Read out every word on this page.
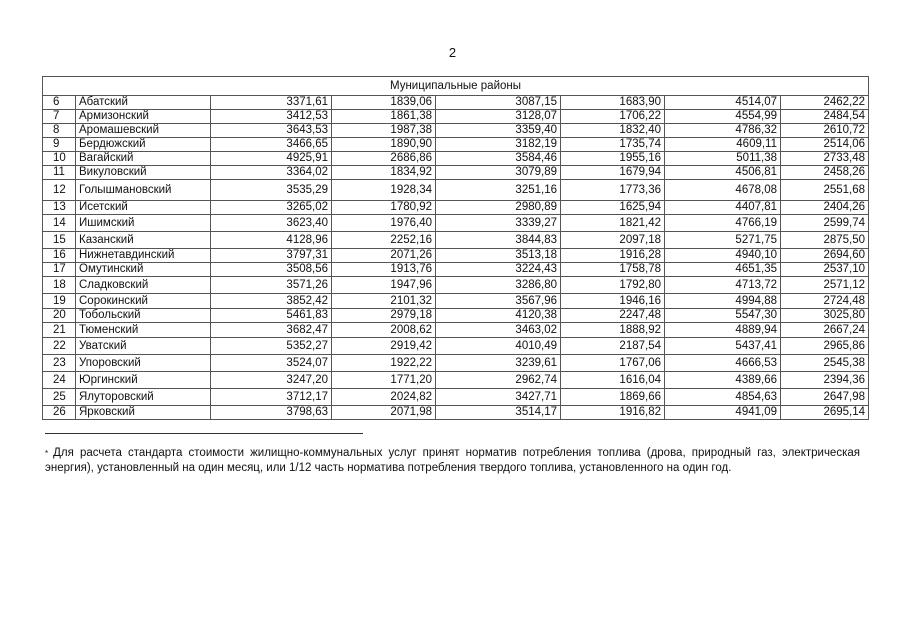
2
Муниципальные районы							
6	Абатский	3371,61	1839,06	3087,15	1683,90	4514,07	2462,22
7	Армизонский	3412,53	1861,38	3128,07	1706,22	4554,99	2484,54
8	Аромашевский	3643,53	1987,38	3359,40	1832,40	4786,32	2610,72
9	Бердюжский	3466,65	1890,90	3182,19	1735,74	4609,11	2514,06
10	Вагайский	4925,91	2686,86	3584,46	1955,16	5011,38	2733,48
11	Викуловский	3364,02	1834,92	3079,89	1679,94	4506,81	2458,26
12	Голышмановский	3535,29	1928,34	3251,16	1773,36	4678,08	2551,68
13	Исетский	3265,02	1780,92	2980,89	1625,94	4407,81	2404,26
14	Ишимский	3623,40	1976,40	3339,27	1821,42	4766,19	2599,74
15	Казанский	4128,96	2252,16	3844,83	2097,18	5271,75	2875,50
16	Нижнетавдинский	3797,31	2071,26	3513,18	1916,28	4940,10	2694,60
17	Омутинский	3508,56	1913,76	3224,43	1758,78	4651,35	2537,10
18	Сладковский	3571,26	1947,96	3286,80	1792,80	4713,72	2571,12
19	Сорокинский	3852,42	2101,32	3567,96	1946,16	4994,88	2724,48
20	Тобольский	5461,83	2979,18	4120,38	2247,48	5547,30	3025,80
21	Тюменский	3682,47	2008,62	3463,02	1888,92	4889,94	2667,24
22	Уватский	5352,27	2919,42	4010,49	2187,54	5437,41	2965,86
23	Упоровский	3524,07	1922,22	3239,61	1767,06	4666,53	2545,38
24	Юргинский	3247,20	1771,20	2962,74	1616,04	4389,66	2394,36
25	Ялуторовский	3712,17	2024,82	3427,71	1869,66	4854,63	2647,98
26	Ярковский	3798,63	2071,98	3514,17	1916,82	4941,09	2695,14
* Для расчета стандарта стоимости жилищно-коммунальных услуг принят норматив потребления топлива (дрова, природный газ, электрическая энергия), установленный на один месяц, или 1/12 часть норматива потребления твердого топлива, установленного на один год.
